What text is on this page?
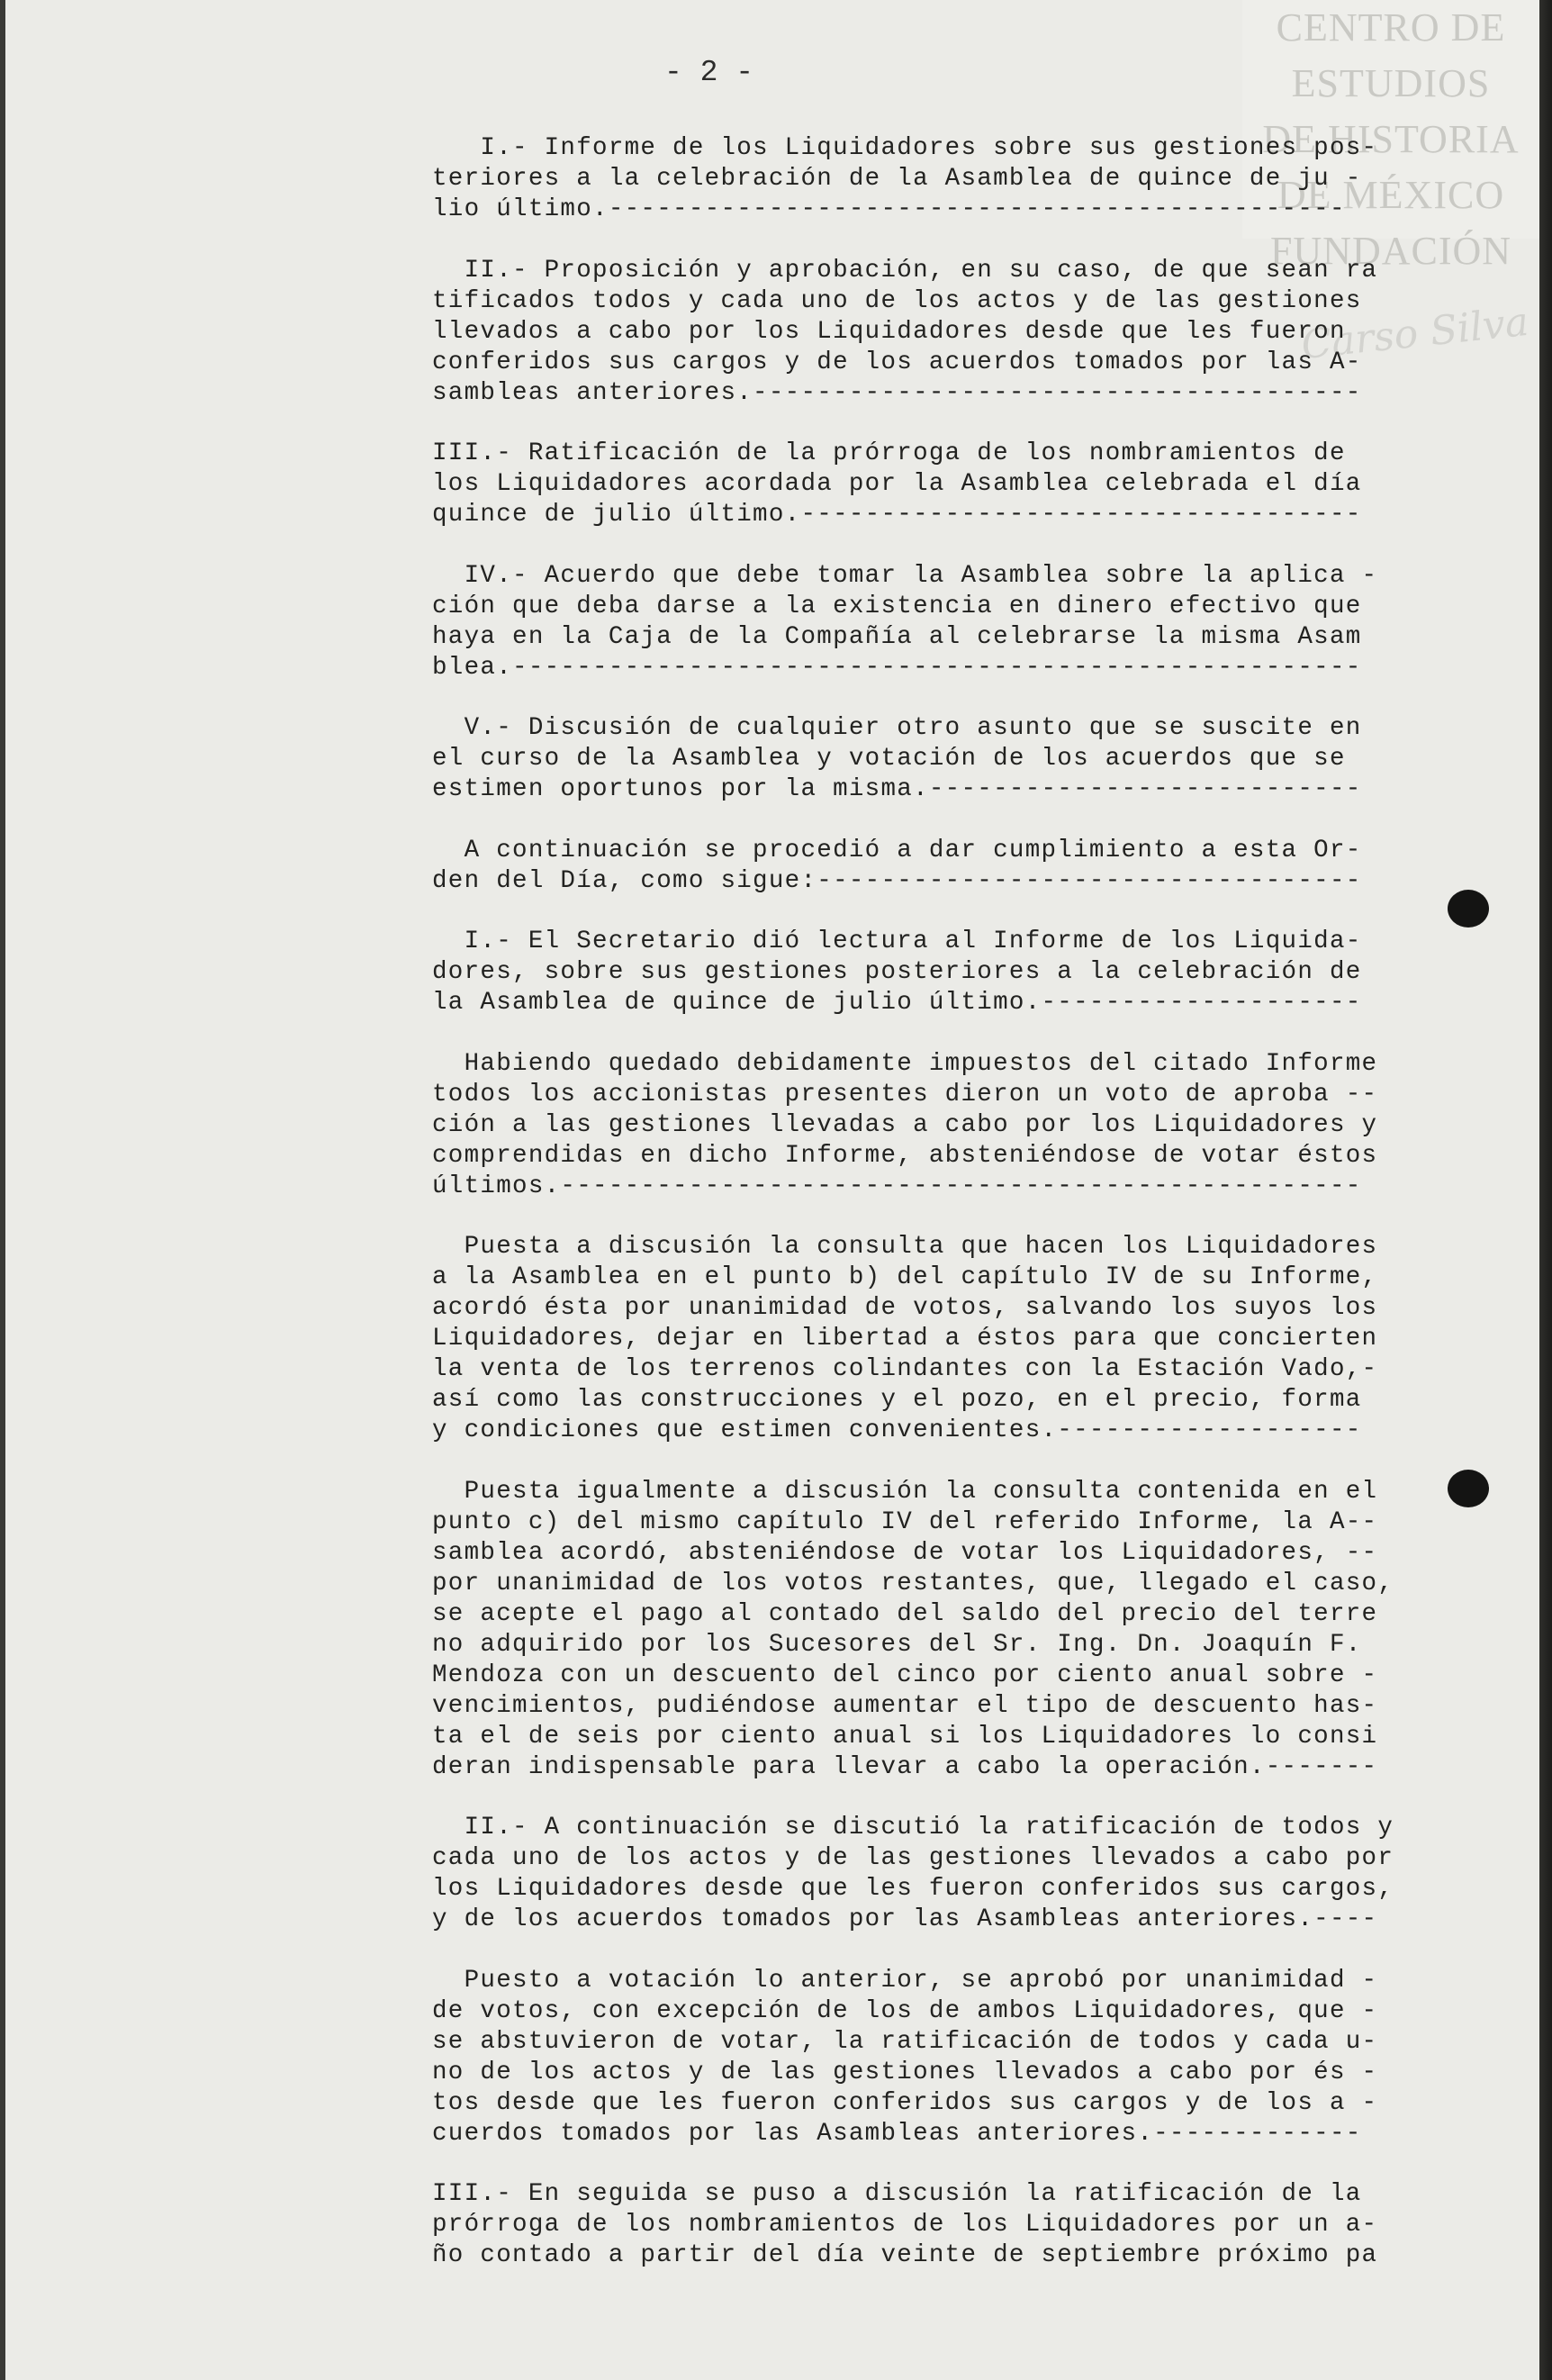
CENTRO DE
ESTUDIOS
DE HISTORIA
DE MÉXICO
FUNDACIÓN
Carso Silva
- 2 -
I.- Informe de los Liquidadores sobre sus gestiones pos-
teriores a la celebración de la Asamblea de quince de ju -
lio último.----------------------------------------------
II.- Proposición y aprobación, en su caso, de que sean ra
tificados todos y cada uno de los actos y de las gestiones
llevados a cabo por los Liquidadores desde que les fueron
conferidos sus cargos y de los acuerdos tomados por las A-
sambleas anteriores.--------------------------------------
III.- Ratificación de la prórroga de los nombramientos de
los Liquidadores acordada por la Asamblea celebrada el día
quince de julio último.-----------------------------------
IV.- Acuerdo que debe tomar la Asamblea sobre la aplica -
ción que deba darse a la existencia en dinero efectivo que
haya en la Caja de la Compañía al celebrarse la misma Asam
blea.-----------------------------------------------------
V.- Discusión de cualquier otro asunto que se suscite en
el curso de la Asamblea y votación de los acuerdos que se
estimen oportunos por la misma.---------------------------
A continuación se procedió a dar cumplimiento a esta Or-
den del Día, como sigue:----------------------------------
I.- El Secretario dió lectura al Informe de los Liquida-
dores, sobre sus gestiones posteriores a la celebración de
la Asamblea de quince de julio último.--------------------
Habiendo quedado debidamente impuestos del citado Informe
todos los accionistas presentes dieron un voto de aproba --
ción a las gestiones llevadas a cabo por los Liquidadores y
comprendidas en dicho Informe, absteniéndose de votar éstos
últimos.--------------------------------------------------
Puesta a discusión la consulta que hacen los Liquidadores
a la Asamblea en el punto b) del capítulo IV de su Informe,
acordó ésta por unanimidad de votos, salvando los suyos los
Liquidadores, dejar en libertad a éstos para que concierten
la venta de los terrenos colindantes con la Estación Vado,-
así como las construcciones y el pozo, en el precio, forma
y condiciones que estimen convenientes.-------------------
Puesta igualmente a discusión la consulta contenida en el
punto c) del mismo capítulo IV del referido Informe, la A--
samblea acordó, absteniéndose de votar los Liquidadores, --
por unanimidad de los votos restantes, que, llegado el caso,
se acepte el pago al contado del saldo del precio del terre
no adquirido por los Sucesores del Sr. Ing. Dn. Joaquín F.
Mendoza con un descuento del cinco por ciento anual sobre -
vencimientos, pudiéndose aumentar el tipo de descuento has-
ta el de seis por ciento anual si los Liquidadores lo consi
deran indispensable para llevar a cabo la operación.-------
II.- A continuación se discutió la ratificación de todos y
cada uno de los actos y de las gestiones llevados a cabo por
los Liquidadores desde que les fueron conferidos sus cargos,
y de los acuerdos tomados por las Asambleas anteriores.----
Puesto a votación lo anterior, se aprobó por unanimidad -
de votos, con excepción de los de ambos Liquidadores, que -
se abstuvieron de votar, la ratificación de todos y cada u-
no de los actos y de las gestiones llevados a cabo por és -
tos desde que les fueron conferidos sus cargos y de los a -
cuerdos tomados por las Asambleas anteriores.-------------
III.- En seguida se puso a discusión la ratificación de la
prórroga de los nombramientos de los Liquidadores por un a-
ño contado a partir del día veinte de septiembre próximo pa
